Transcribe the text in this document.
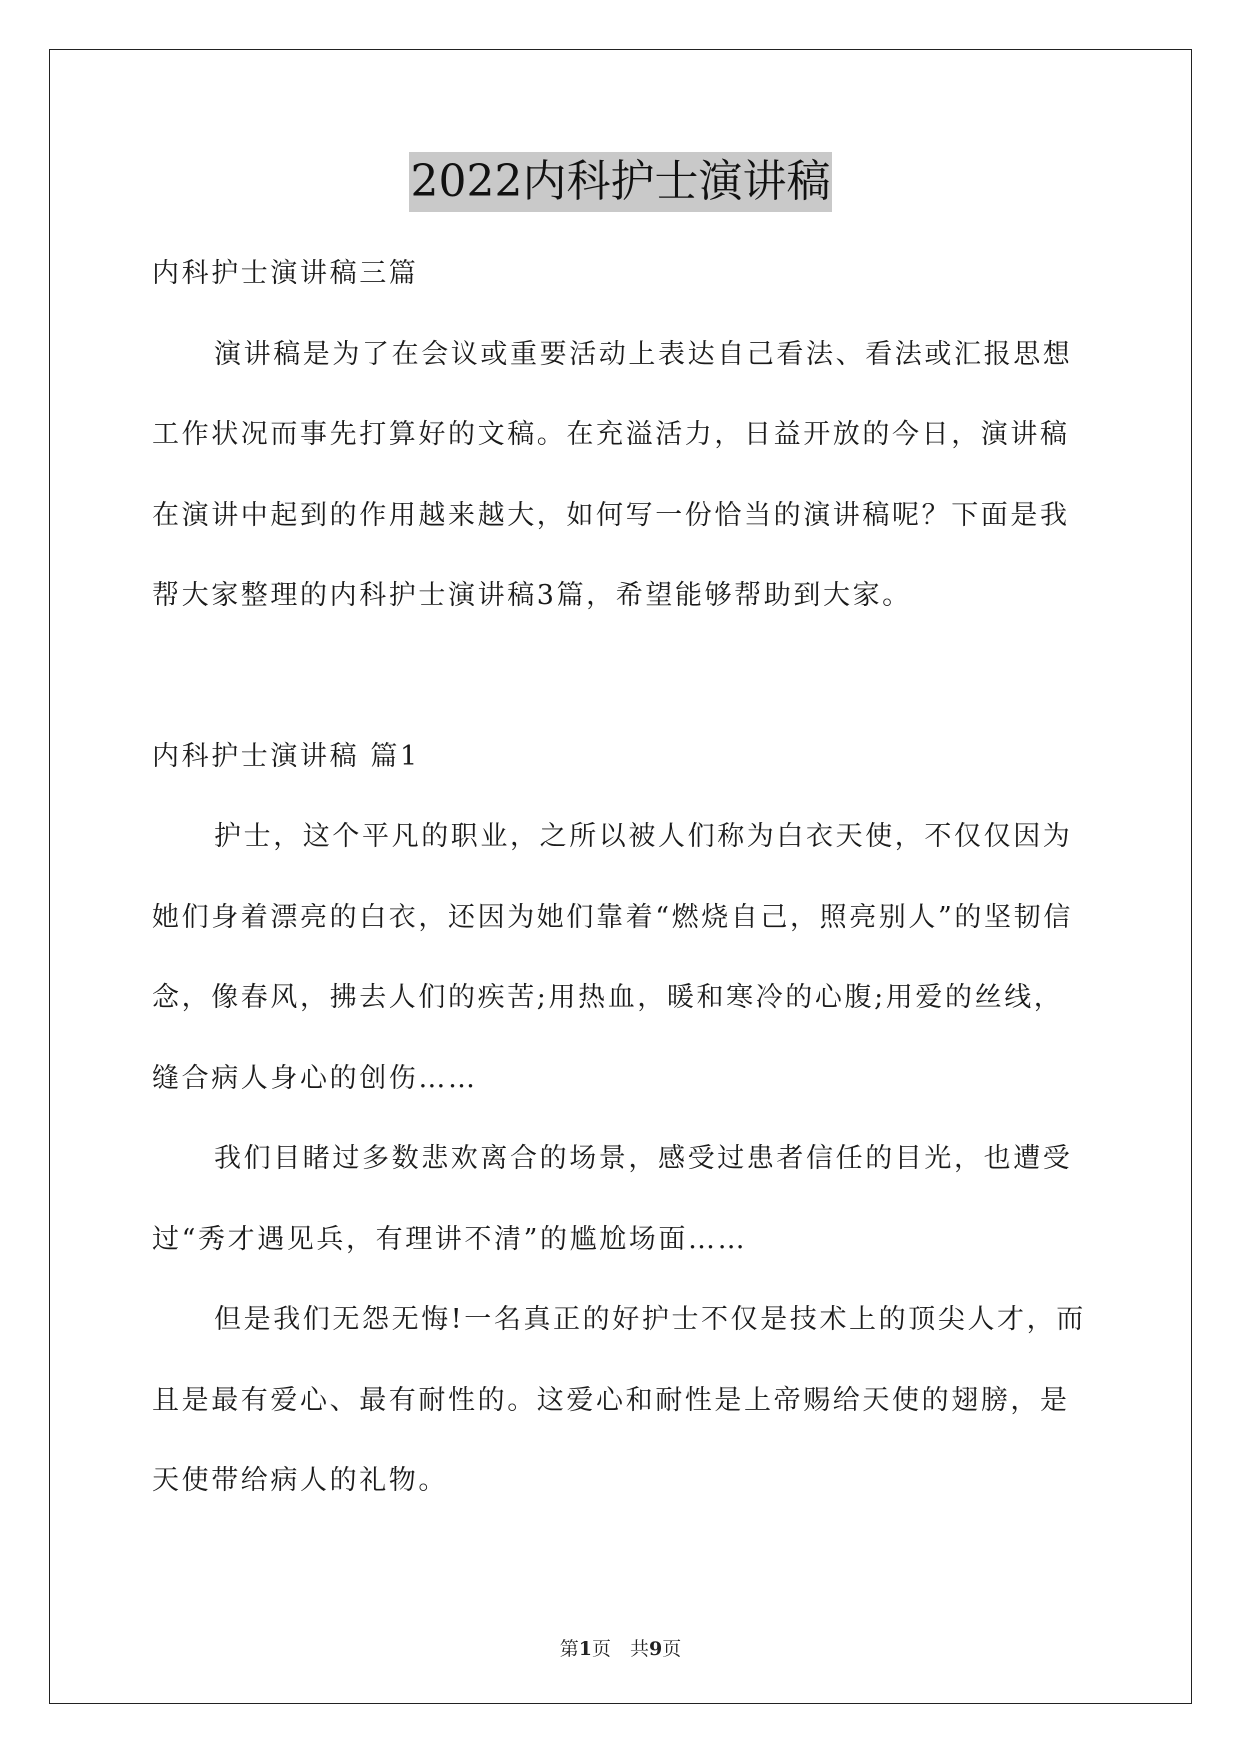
2022内科护士演讲稿

内科护士演讲稿三篇

演讲稿是为了在会议或重要活动上表达自己看法、看法或汇报思想工作状况而事先打算好的文稿。在充溢活力，日益开放的今日，演讲稿在演讲中起到的作用越来越大，如何写一份恰当的演讲稿呢？下面是我帮大家整理的内科护士演讲稿3篇，希望能够帮助到大家。

内科护士演讲稿 篇1

护士，这个平凡的职业，之所以被人们称为白衣天使，不仅仅因为她们身着漂亮的白衣，还因为她们靠着“燃烧自己，照亮别人”的坚韧信念，像春风，拂去人们的疾苦;用热血，暖和寒冷的心腹;用爱的丝线，缝合病人身心的创伤……

我们目睹过多数悲欢离合的场景，感受过患者信任的目光，也遭受过“秀才遇见兵，有理讲不清”的尴尬场面……

但是我们无怨无悔!一名真正的好护士不仅是技术上的顶尖人才，而且是最有爱心、最有耐性的。这爱心和耐性是上帝赐给天使的翅膀，是天使带给病人的礼物。

第1页　共9页
